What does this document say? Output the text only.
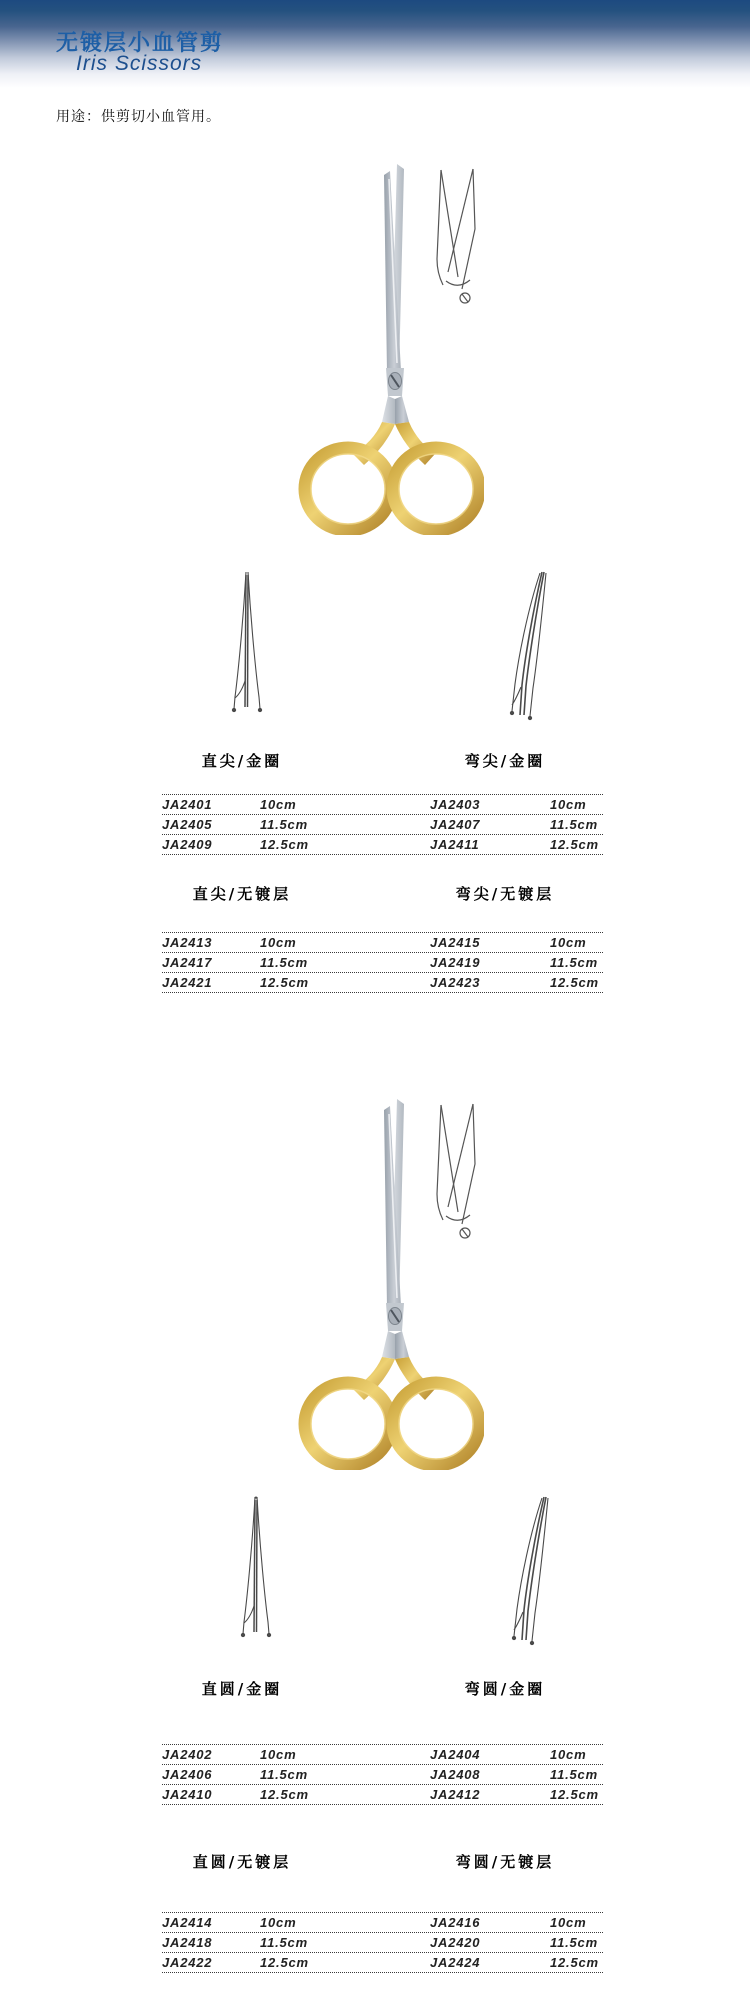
无镀层小血管剪
Iris Scissors
用途：供剪切小血管用。
直尖/金圈	弯尖/金圈
JA2401	10cm	JA2403	10cm
JA2405	11.5cm	JA2407	11.5cm
JA2409	12.5cm	JA2411	12.5cm
直尖/无镀层	弯尖/无镀层
JA2413	10cm	JA2415	10cm
JA2417	11.5cm	JA2419	11.5cm
JA2421	12.5cm	JA2423	12.5cm
直圆/金圈	弯圆/金圈
JA2402	10cm	JA2404	10cm
JA2406	11.5cm	JA2408	11.5cm
JA2410	12.5cm	JA2412	12.5cm
直圆/无镀层	弯圆/无镀层
JA2414	10cm	JA2416	10cm
JA2418	11.5cm	JA2420	11.5cm
JA2422	12.5cm	JA2424	12.5cm
